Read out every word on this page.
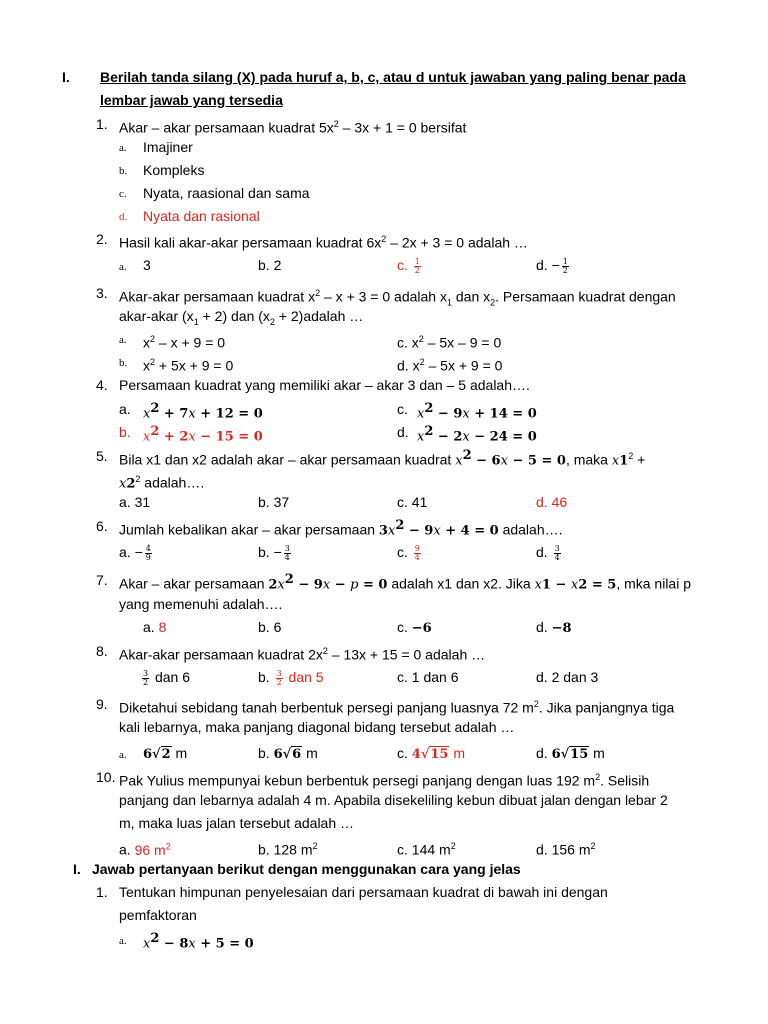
I. Berilah tanda silang (X) pada huruf a, b, c, atau d untuk jawaban yang paling benar pada
lembar jawab yang tersedia
1. Akar – akar persamaan kuadrat $5x^2 - 3x + 1 = 0$ bersifat
a. Imajiner
b. Kompleks
c. Nyata, raasional dan sama
d. Nyata dan rasional
2. Hasil kali akar-akar persamaan kuadrat $6x^2 - 2x + 3 = 0$ adalah …
a. 3	b. 2	c. $\frac{1}{2}$	d. − $\frac{1}{2}$
3. Akar-akar persamaan kuadrat $x^2 - x + 3 = 0$ adalah $x_1$ dan $x_2$. Persamaan kuadrat dengan
akar-akar $(x_1 + 2)$ dan ($x_2$ + 2)adalah …
a. $x^2 - x + 9 = 0$	c. $x^2 - 5x - 9 = 0$
b. $x^2 + 5x + 9 = 0$	d. $x^2 - 5x + 9 = 0$
4. Persamaan kuadrat yang memiliki akar – akar 3 dan – 5 adalah….
a. $x^2 + 7x + 12 = 0$	c. $x^2 - 9x + 14 = 0$
b. $x^2 + 2x - 15 = 0$	d. $x^2 - 2x - 24 = 0$
5. Bila x1 dan x2 adalah akar – akar persamaan kuadrat $x^2 - 6x - 5 = 0$, maka $x1^2$ +
$x2^2$ adalah….
a. 31	b. 37	c. 41	d. 46
6. Jumlah kebalikan akar – akar persamaan $3x^2 - 9x + 4 = 0$ adalah….
a. − $\frac{4}{9}$	b. − $\frac{3}{4}$	c. $\frac{9}{4}$	d. $\frac{3}{4}$
7. Akar – akar persamaan $2x^2 - 9x - p = 0$ adalah x1 dan x2. Jika x1 − x2 = 5, mka nilai p
yang memenuhi adalah….
a. 8	b. 6	c. −6	d. −8
8. Akar-akar persamaan kuadrat $2x^2 - 13x + 15 = 0$ adalah …
$\frac{3}{2}$ dan 6	b. $\frac{3}{2}$ dan 5	c. 1 dan 6	d. 2 dan 3
9. Diketahui sebidang tanah berbentuk persegi panjang luasnya 72 $m^2$. Jika panjangnya tiga
kali lebarnya, maka panjang diagonal bidang tersebut adalah …
a. 6√2 m	b. 6√6 m	c. 4√15 m	d. 6√15 m
10. Pak Yulius mempunyai kebun berbentuk persegi panjang dengan luas 192 $m^2$. Selisih
panjang dan lebarnya adalah 4 m. Apabila disekeliling kebun dibuat jalan dengan lebar 2
m, maka luas jalan tersebut adalah …
a. 96 $m^2$	b. 128 $m^2$	c. 144 $m^2$	d. 156 $m^2$
I. Jawab pertanyaan berikut dengan menggunakan cara yang jelas
1. Tentukan himpunan penyelesaian dari persamaan kuadrat di bawah ini dengan
pemfaktoran
a. $x^2 - 8x + 5 = 0$
